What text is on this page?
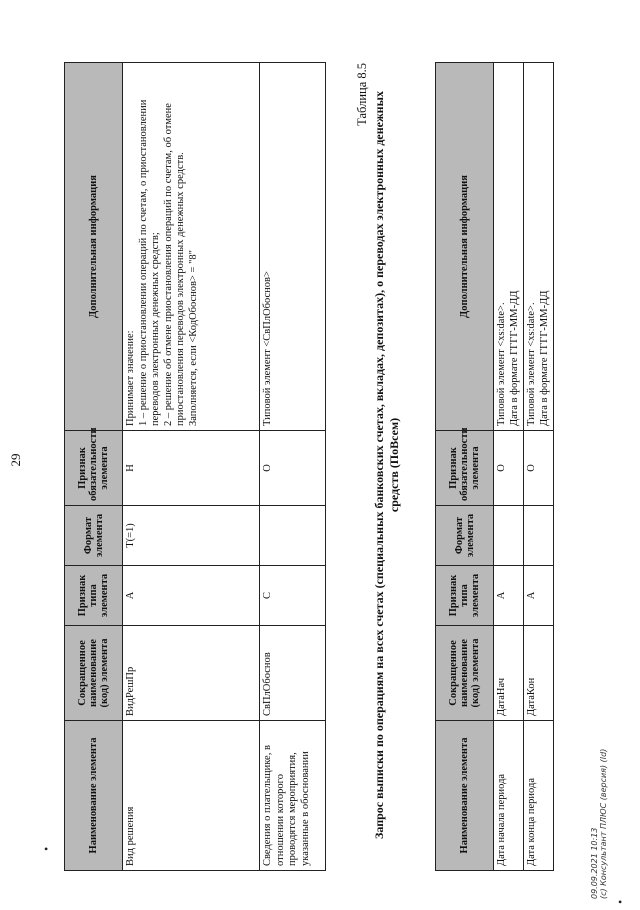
29
Наименование элемента	Сокращенное наименование (код) элемента	Признак типа элемента	Формат элемента	Признак обязательности элемента	Дополнительная информация
Вид решения	ВидРешПр	А	Т(=1)	Н	Принимает значение:
1 – решение о приостановлении операций по счетам, о приостановлении переводов электронных денежных средств;
2 – решение об отмене приостановления операций по счетам, об отмене приостановления переводов электронных денежных средств.
Заполняется, если <КодОбоснов> = "8"
Сведения о плательщике, в отношении которого проводятся мероприятия, указанные в обосновании	СвПлОбоснов	С		О	Типовой элемент <СвПлОбоснов>
Таблица 8.5 Запрос выписки по операциям на всех счетах (специальных банковских счетах, вкладах, депозитах), о переводах электронных денежных средств (ПоВсем)
Наименование элемента	Сокращенное наименование (код) элемента	Признак типа элемента	Формат элемента	Признак обязательности элемента	Дополнительная информация
Дата начала периода	ДатаНач	А		О	Типовой элемент <xs:date>.
Дата в формате ГГГГ-ММ-ДД
Дата конца периода	ДатаКон	А		О	Типовой элемент <xs:date>.
Дата в формате ГГГГ-ММ-ДД
09.09.2021 10:13 (c) Консультант ПЛЮС (версия) (Id)
•
•
